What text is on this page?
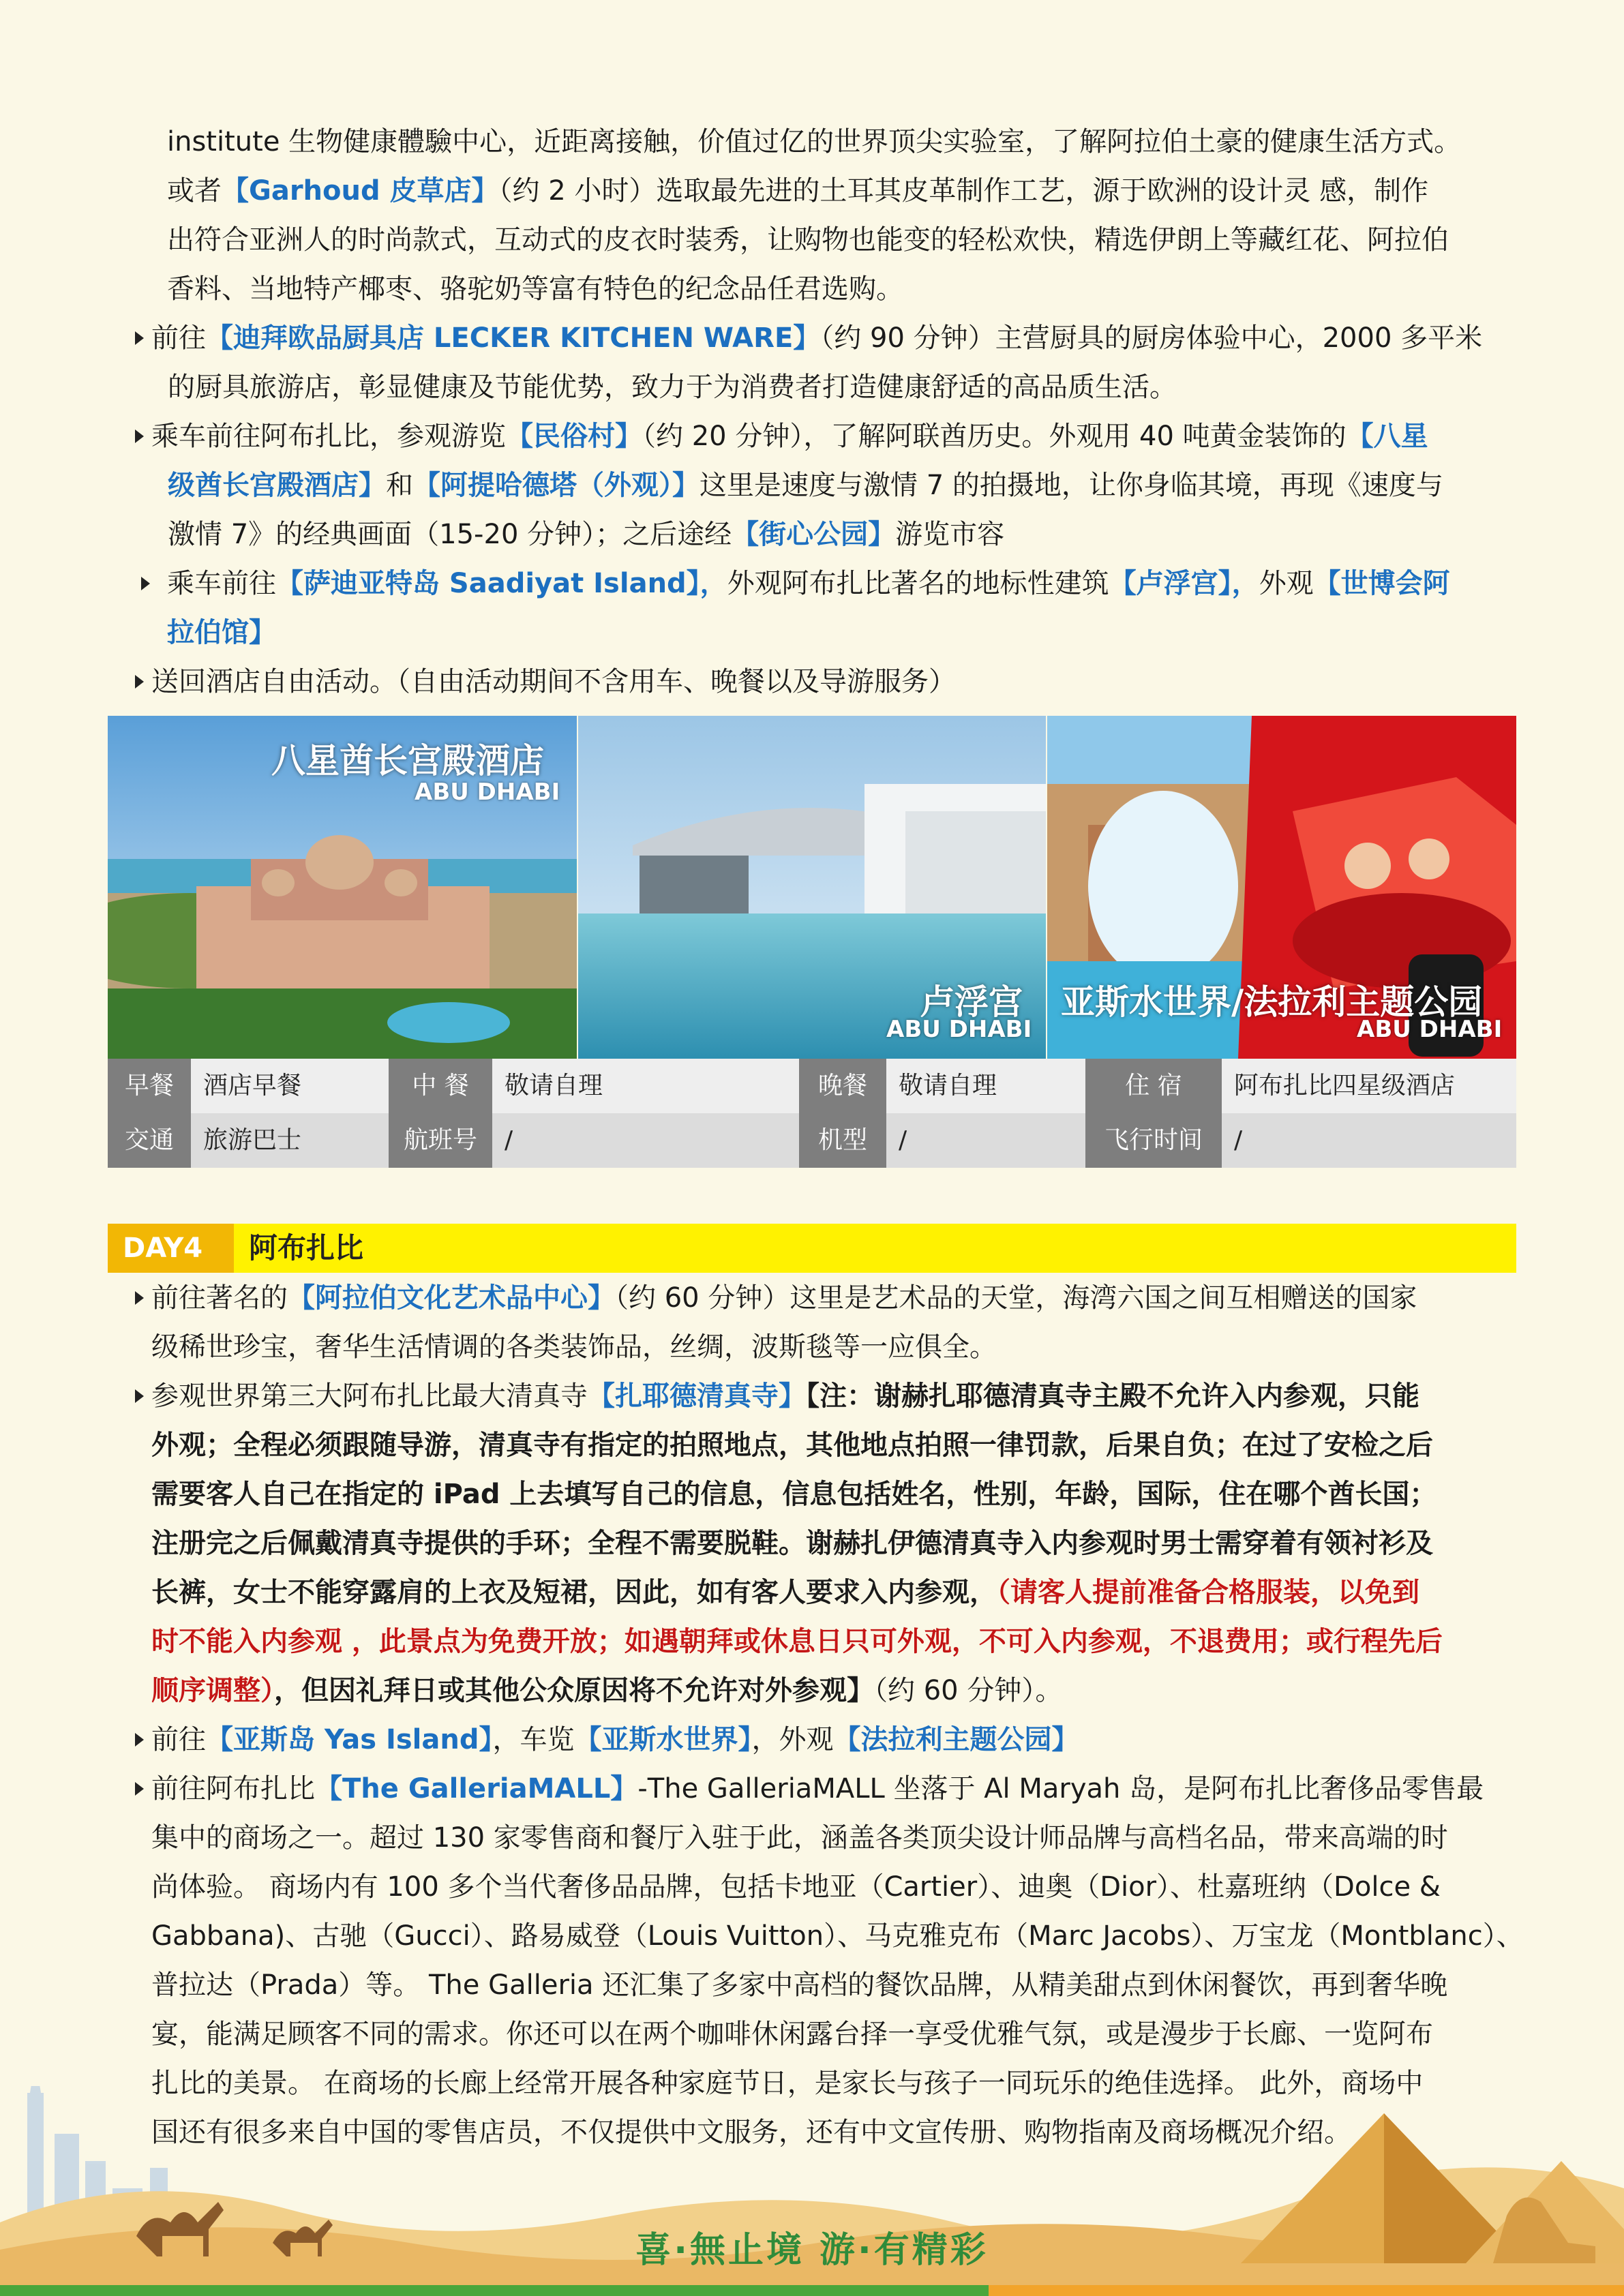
institute 生物健康體驗中心，近距离接触，价值过亿的世界顶尖实验室，了解阿拉伯土豪的健康生活方式。
或者【Garhoud 皮草店】（约 2 小时）选取最先进的土耳其皮革制作工艺，源于欧洲的设计灵 感，制作
出符合亚洲人的时尚款式，互动式的皮衣时装秀，让购物也能变的轻松欢快，精选伊朗上等藏红花、阿拉伯
香料、当地特产椰枣、骆驼奶等富有特色的纪念品任君选购。
前往【迪拜欧品厨具店 LECKER KITCHEN WARE】（约 90 分钟）主营厨具的厨房体验中心，2000 多平米
的厨具旅游店，彰显健康及节能优势，致力于为消费者打造健康舒适的高品质生活。
乘车前往阿布扎比，参观游览【民俗村】（约 20 分钟），了解阿联酋历史。外观用 40 吨黄金装饰的【八星
级酋长宫殿酒店】和【阿提哈德塔（外观）】这里是速度与激情 7 的拍摄地，让你身临其境，再现《速度与
激情 7》的经典画面（15-20 分钟）；之后途经【街心公园】游览市容
乘车前往【萨迪亚特岛 Saadiyat Island】，外观阿布扎比著名的地标性建筑【卢浮宫】，外观【世博会阿
拉伯馆】
送回酒店自由活动。（自由活动期间不含用车、晚餐以及导游服务）
八星酋长宫殿酒店
ABU DHABI
卢浮宫
ABU DHABI
亚斯水世界/法拉利主题公园
ABU DHABI
早餐	酒店早餐	中 餐	敬请自理	晚餐	敬请自理	住 宿	阿布扎比四星级酒店
交通	旅游巴士	航班号	/	机型	/	飞行时间	/
DAY4	阿布扎比
前往著名的【阿拉伯文化艺术品中心】（约 60 分钟）这里是艺术品的天堂，海湾六国之间互相赠送的国家
级稀世珍宝，奢华生活情调的各类装饰品，丝绸，波斯毯等一应俱全。
参观世界第三大阿布扎比最大清真寺【扎耶德清真寺】【注：谢赫扎耶德清真寺主殿不允许入内参观，只能
外观；全程必须跟随导游，清真寺有指定的拍照地点，其他地点拍照一律罚款，后果自负；在过了安检之后
需要客人自己在指定的 iPad 上去填写自己的信息，信息包括姓名，性别，年龄，国际，住在哪个酋长国；
注册完之后佩戴清真寺提供的手环；全程不需要脱鞋。谢赫扎伊德清真寺入内参观时男士需穿着有领衬衫及
长裤，女士不能穿露肩的上衣及短裙，因此，如有客人要求入内参观，（请客人提前准备合格服装，以免到
时不能入内参观 ，此景点为免费开放；如遇朝拜或休息日只可外观，不可入内参观，不退费用；或行程先后
顺序调整），但因礼拜日或其他公众原因将不允许对外参观】（约 60 分钟）。
前往【亚斯岛 Yas Island】，车览【亚斯水世界】，外观【法拉利主题公园】
前往阿布扎比【The GalleriaMALL】-The GalleriaMALL 坐落于 Al Maryah 岛，是阿布扎比奢侈品零售最
集中的商场之一。超过 130 家零售商和餐厅入驻于此，涵盖各类顶尖设计师品牌与高档名品，带来高端的时
尚体验。 商场内有 100 多个当代奢侈品品牌，包括卡地亚（Cartier）、迪奥（Dior）、杜嘉班纳（Dolce &
Gabbana)、古驰（Gucci）、路易威登（Louis Vuitton）、马克雅克布（Marc Jacobs）、万宝龙（Montblanc）、
普拉达（Prada）等。 The Galleria 还汇集了多家中高档的餐饮品牌，从精美甜点到休闲餐饮，再到奢华晚
宴，能满足顾客不同的需求。你还可以在两个咖啡休闲露台择一享受优雅气氛，或是漫步于长廊、一览阿布
扎比的美景。 在商场的长廊上经常开展各种家庭节日，是家长与孩子一同玩乐的绝佳选择。 此外，商场中
国还有很多来自中国的零售店员，不仅提供中文服务，还有中文宣传册、购物指南及商场概况介绍。
喜·無止境 游·有精彩
